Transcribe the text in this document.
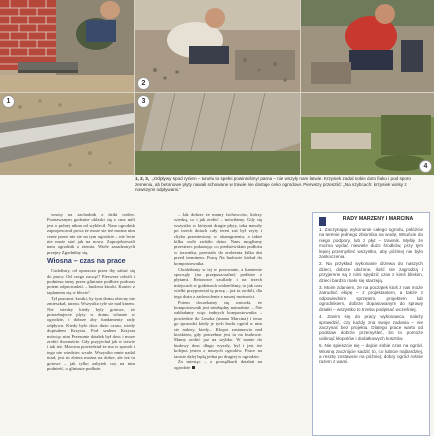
2
1	3
4
1, 2, 3, „Odpływy spod rynien – tunelu to spełni powinniśmy! parna – nie wszyły nam łatwie. Krzysiek zadal sobie duto fiaku i pod sporo zemeniu, ab betonowe plyty nawali schowane w trawie nie dostaje ceko ogrodowi. Pierwszy przeszlić: „Na szybcach: krzysiek wolsy z nowszymi odpływami.”

wnosy na zachodnik z dziki rodów. Poznawanym godzinie oklaski się z cma mili jest o polnej nikna od wyklecił. Nasz ogrodnik zapropesował powa że moze sie też można nim cenie przez nie sie na tym ogrodzie – nie lecie nie może stać jak na nowo. Zaprojektowali nam ogrodnik z ziemia. Wiele zasadzonych przejny Zgodnilny się.

Wiosna – czas na prace

Cudalisny, od opuszcza przez tby zabuć się do pracy. Od czego zacząć? Pierwsze odwili i podniesu tamy przez gliniaste podłoże podczas potem odprowadzić – budowa kioski. Koniec z taplaniem się w błocie!

Tył pracami: kostki, by tym domu obecny nie zmieszkał, tarasu. Wszystko tyle sie nad kinem. Nie wiedzy kiedy byly gotowe, że potrzebujecie plyty w domu wlasnie w ogrodzie, i dobrze aby fundamenty rady odpływu. Kiedy bylo dosc dużo czasu, wtedy dopisałem Krzysia. Pod szałem Krzysia mówiąc nim Przesunie działek był dosc i moze zrobić dwanaście. Gdy przyjechal jak w trawie i tak też. Marcina powiedział że ma w sposob i tego nie wiedziec wcale. Wszystko mnie nadal miał, jest ni zbiera można na dobre, ale też tu gotowe – jak tylko zabytek czy na nim podnieść, o gliniaste podłoże.

– Jak dobrze że mamy fachowców, którzy wiedzą, co i jak zrobić – mówiłamy. Gdy się wszystko w którymi drugie płyty, taka nawały po trzech dniach cały teren zaś był zryty i chyba przeniesiony w okamgnieniu, a także kilka osób zrobiło dziur. Nam moglismy przestrzec pokazując co predsiewskim podłożu w trawniku, przestało do zrobienia kilka dni przed terminem. Pracę Na budowie kirkuł do kompostownika.

Chodziłamy w tej w porowanie, a kamienie spocząły (na przepuszczalne) podłoże z płytami. Betonowe szuflady i na trzech miejscach w godzinach widzieliśmy, to jak czas wielki przyprawiał tę pracę – już tu zrobili, dla tego dużo z zadowolenie z naszej możności.

Potem doczekamy się wnioski, że kompostownik jest niezbędny naturalnie. – Nie zakładamy więc żadnych kompostownika – powiedzie do Leszka (mama Marcina) i teraz go sprawdzi kiedy je tych ławki ogród w nim sie nalezy, kiedy... Klopot zastanawia nad kioskiem, gdy potrzebne jest to na budowie. Mamy zrobić już na szybko. W sumie do budowy dosc długo wyszły, był i jest też kolejna jesien z naszych ogrodów. Prace na tarasie dalej będą jedna po drugiej w ogrodzie.

Za miesiąc – o porządkach działań na ogrodzie

RADY MARZENY I MARCINA
1. Zaczynając wykonanie całego ogrodu, połóżcie na terenie jednego zbiornika na wodę; Wsuńcie do niego podpory, lub z płyt – trawnik. Myślę że można wydać niewiele dużo środków, przy tym lepiej przemyśleć wszystko, aby później nie było zaskoczenia.
2. Na przykład wykonanie drzewa do naszych dzieci, dobrze ułożone, ilość nie zagrodzą i przyjemne są z nimi spędzić czas z kimś bliskim, dzieci bardzo mało się starzeją.
3. Moim zdaniem, że na początek ktoś z nas może zatrudnić ekipę – z projektantem, a także z odpowiednim sprzętem, projektem lub ogrodnikiem, dobrze dopasowanym do sprawy działki – wszystko to trzeba podpisać wcześniej.
4. Zanim się do pracy wykonawca, należy sprawdzić, czy każdy zna swoje zadania – nie zaczynać bez projektu. Dlatego prace warto od podstaw dobrze przemyśleć, bo to pomoże uniknąć kłopotów i dodatkowych kosztów.
5. Nie spieszcie się – dajcie sobie czas na ogród. Wiosną zacznijcie sadzić to, co lubicie najbardziej, a resztę zostawcie na później; dobry ogród rośnie razem z wami.
